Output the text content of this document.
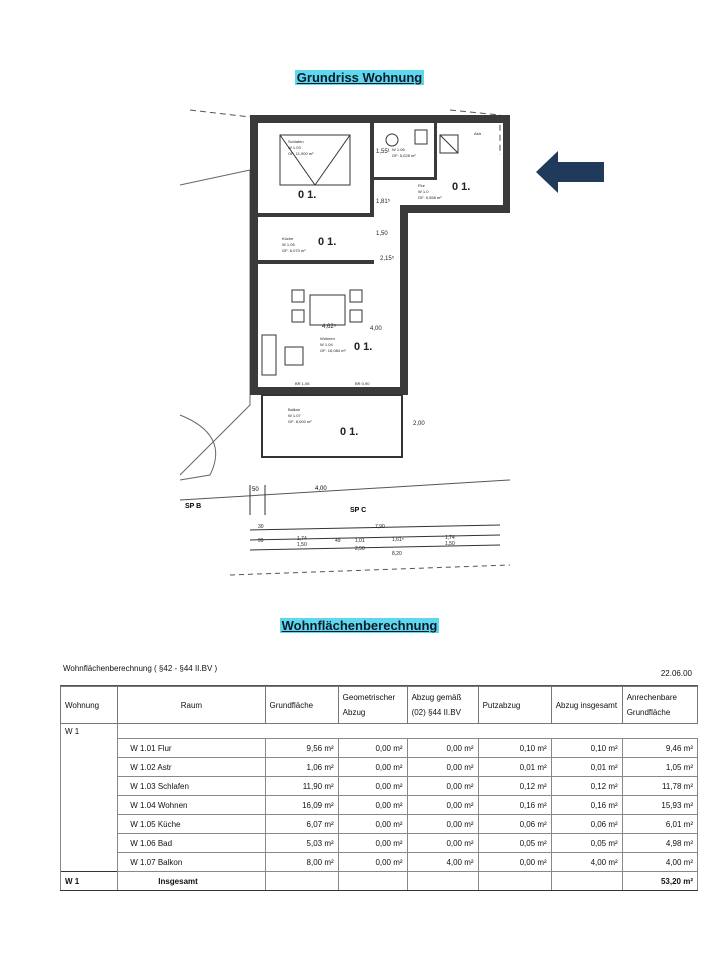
Grundriss Wohnung
Schlafen
W 1.03
GF: 11,900 m²
W 1.06
GF: 5,028 m²
Astr
Flur
W 1.0
GF: 9,558 m²
Küche
W 1.05
GF: 6,070 m²
Wohnen
W 1.04
GF: 16,084 m²
Balkon
W 1.07
GF: 8,000 m²
0 1.
0 1.
0 1.
0 1.
0 1.
1,55¹
1,81⁵
1,50
2,15⁵
4,62⁵	4,00
2,00
BR 1,06	BR 0,90
50	4,00
SP B
SP C
30	7,90
99	1,74
1,50
49	1,01	1,61⁵	1,74
1,50
2,50
8,20
Wohnflächenberechnung
Wohnflächenberechnung ( §42 - §44 II.BV )
22.06.00
Wohnung	Raum	Grundfläche	Geometrischer Abzug	Abzug gemäß (02) §44 II.BV	Putzabzug	Abzug insgesamt	Anrechenbare Grundfläche
W 1							
	W 1.01 Flur	9,56 m²	0,00 m²	0,00 m²	0,10 m²	0,10 m²	9,46 m²
	W 1.02 Astr	1,06 m²	0,00 m²	0,00 m²	0,01 m²	0,01 m²	1,05 m²
	W 1.03 Schlafen	11,90 m²	0,00 m²	0,00 m²	0,12 m²	0,12 m²	11,78 m²
	W 1.04 Wohnen	16,09 m²	0,00 m²	0,00 m²	0,16 m²	0,16 m²	15,93 m²
	W 1.05 Küche	6,07 m²	0,00 m²	0,00 m²	0,06 m²	0,06 m²	6,01 m²
	W 1.06 Bad	5,03 m²	0,00 m²	0,00 m²	0,05 m²	0,05 m²	4,98 m²
	W 1.07 Balkon	8,00 m²	0,00 m²	4,00 m²	0,00 m²	4,00 m²	4,00 m²
W 1	Insgesamt						53,20 m²
